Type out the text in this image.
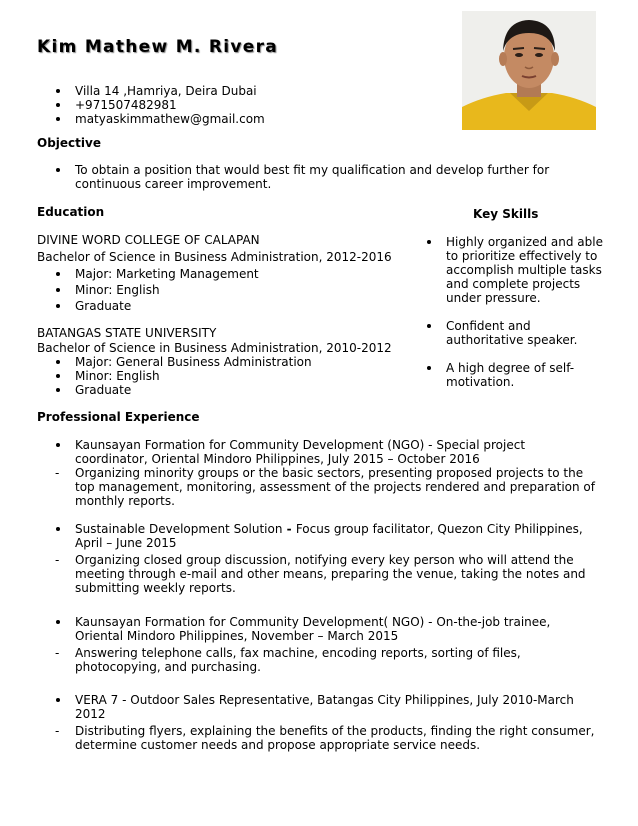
Kim Mathew M. Rivera
Villa 14 ,Hamriya, Deira Dubai
+971507482981
matyaskimmathew@gmail.com
Objective
To obtain a position that would best fit my qualification and develop further for continuous career improvement.
Education
DIVINE WORD COLLEGE OF CALAPAN
Bachelor of Science in Business Administration, 2012-2016
Major: Marketing Management
Minor: English
Graduate
BATANGAS STATE UNIVERSITY
Bachelor of Science in Business Administration, 2010-2012
Major: General Business Administration
Minor: English
Graduate
Key Skills
Highly organized and able to prioritize effectively to accomplish multiple tasks and complete projects under pressure.
Confident and authoritative speaker.
A high degree of self-motivation.
Professional Experience
Kaunsayan Formation for Community Development (NGO) - Special project coordinator, Oriental Mindoro Philippines, July 2015 – October 2016
- Organizing minority groups or the basic sectors, presenting proposed projects to the top management, monitoring, assessment of the projects rendered and preparation of monthly reports.
Sustainable Development Solution - Focus group facilitator, Quezon City Philippines, April – June 2015
- Organizing closed group discussion, notifying every key person who will attend the meeting through e-mail and other means, preparing the venue, taking the notes and submitting weekly reports.
Kaunsayan Formation for Community Development( NGO) - On-the-job trainee, Oriental Mindoro Philippines, November – March 2015
- Answering telephone calls, fax machine, encoding reports, sorting of files, photocopying, and purchasing.
VERA 7 - Outdoor Sales Representative, Batangas City Philippines, July 2010-March 2012
- Distributing flyers, explaining the benefits of the products, finding the right consumer, determine customer needs and propose appropriate service needs.
